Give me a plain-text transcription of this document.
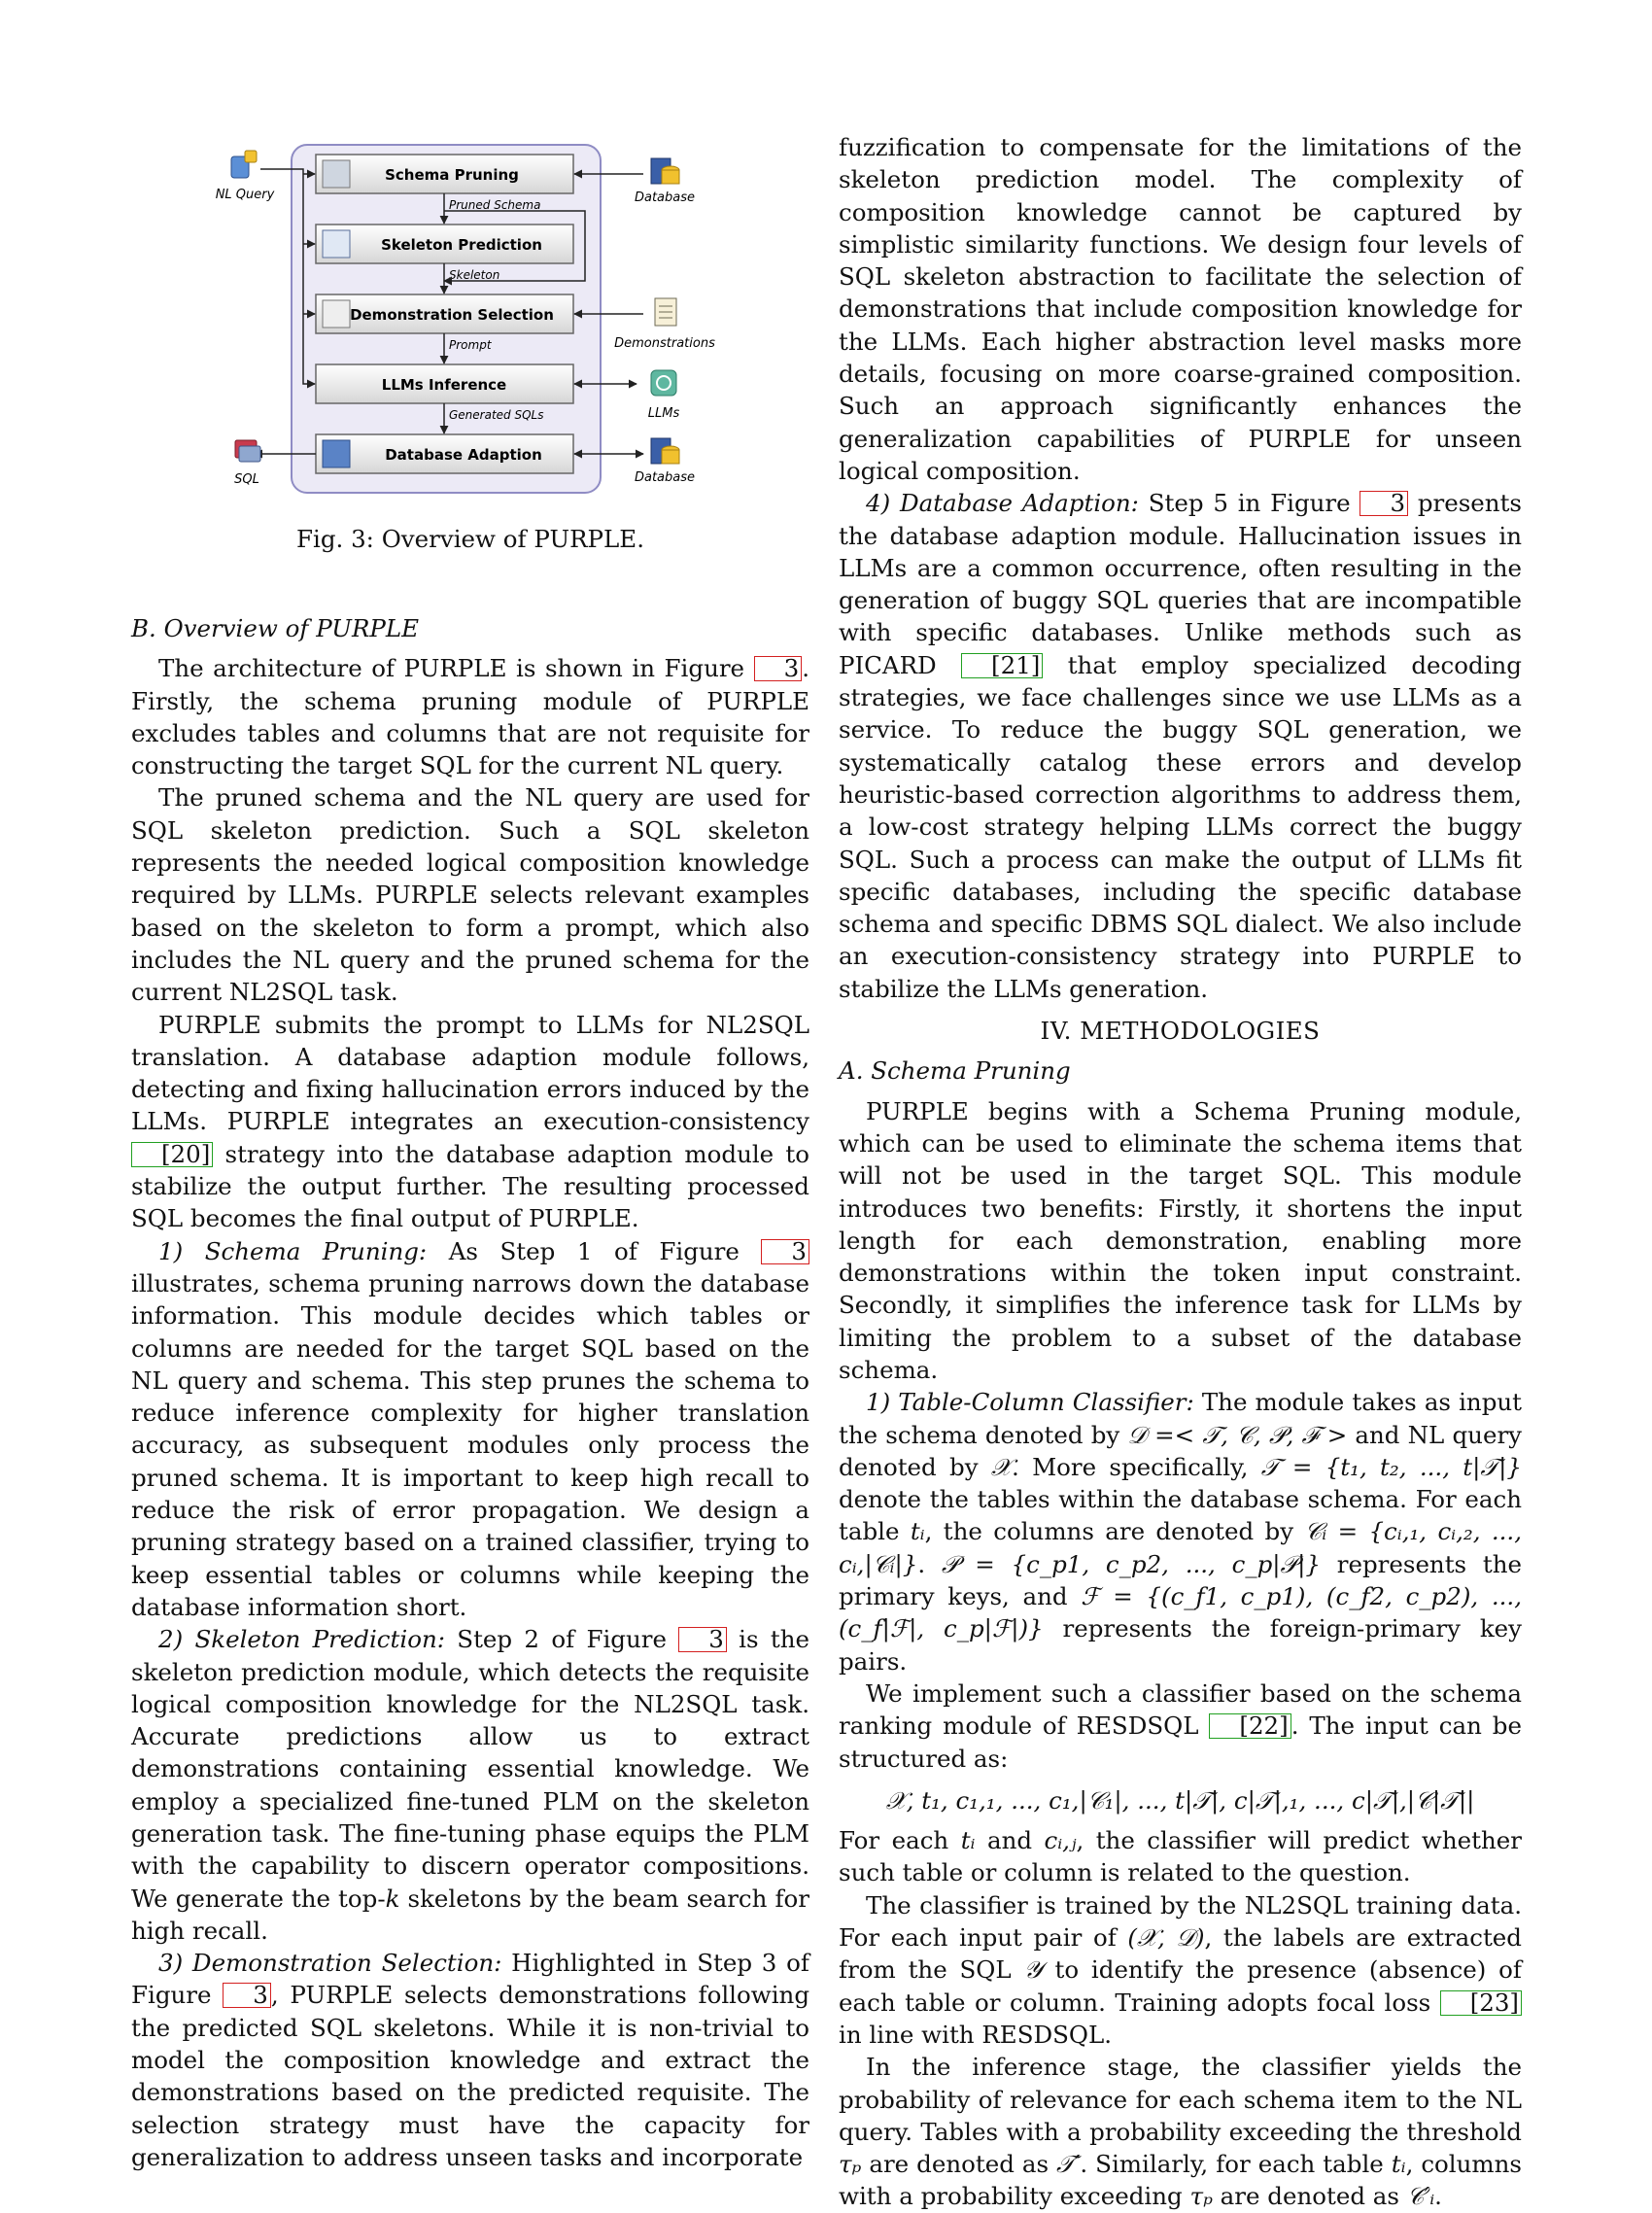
Schema Pruning
Skeleton Prediction
Demonstration Selection
LLMs Inference
Database Adaption
Pruned Schema
Skeleton
Prompt
Generated SQLs
NL Query	Database
Demonstrations
LLMs
Database
SQL
Fig. 3: Overview of PURPLE.

B. Overview of PURPLE

The architecture of PURPLE is shown in Figure 3 . Firstly, the schema pruning module of PURPLE excludes tables and columns that are not requisite for constructing the target SQL for the current NL query.

The pruned schema and the NL query are used for SQL skeleton prediction. Such a SQL skeleton represents the needed logical composition knowledge required by LLMs. PURPLE selects relevant examples based on the skeleton to form a prompt, which also includes the NL query and the pruned schema for the current NL2SQL task.

PURPLE submits the prompt to LLMs for NL2SQL translation. A database adaption module follows, detecting and fixing hallucination errors induced by the LLMs. PURPLE integrates an execution-consistency [20] strategy into the database adaption module to stabilize the output further. The resulting processed SQL becomes the final output of PURPLE.

1) Schema Pruning: As Step 1 of Figure 3 illustrates, schema pruning narrows down the database information. This module decides which tables or columns are needed for the target SQL based on the NL query and schema. This step prunes the schema to reduce inference complexity for higher translation accuracy, as subsequent modules only process the pruned schema. It is important to keep high recall to reduce the risk of error propagation. We design a pruning strategy based on a trained classifier, trying to keep essential tables or columns while keeping the database information short.

2) Skeleton Prediction: Step 2 of Figure 3 is the skeleton prediction module, which detects the requisite logical composition knowledge for the NL2SQL task. Accurate predictions allow us to extract demonstrations containing essential knowledge. We employ a specialized fine-tuned PLM on the skeleton generation task. The fine-tuning phase equips the PLM with the capability to discern operator compositions. We generate the top-k skeletons by the beam search for high recall.

3) Demonstration Selection: Highlighted in Step 3 of Figure 3 , PURPLE selects demonstrations following the predicted SQL skeletons. While it is non-trivial to model the composition knowledge and extract the demonstrations based on the predicted requisite. The selection strategy must have the capacity for generalization to address unseen tasks and incorporate

fuzzification to compensate for the limitations of the skeleton prediction model. The complexity of composition knowledge cannot be captured by simplistic similarity functions. We design four levels of SQL skeleton abstraction to facilitate the selection of demonstrations that include composition knowledge for the LLMs. Each higher abstraction level masks more details, focusing on more coarse-grained composition. Such an approach significantly enhances the generalization capabilities of PURPLE for unseen logical composition.

4) Database Adaption: Step 5 in Figure 3 presents the database adaption module. Hallucination issues in LLMs are a common occurrence, often resulting in the generation of buggy SQL queries that are incompatible with specific databases. Unlike methods such as PICARD [21] that employ specialized decoding strategies, we face challenges since we use LLMs as a service. To reduce the buggy SQL generation, we systematically catalog these errors and develop heuristic-based correction algorithms to address them, a low-cost strategy helping LLMs correct the buggy SQL. Such a process can make the output of LLMs fit specific databases, including the specific database schema and specific DBMS SQL dialect. We also include an execution-consistency strategy into PURPLE to stabilize the LLMs generation.

IV. METHODOLOGIES

A. Schema Pruning

PURPLE begins with a Schema Pruning module, which can be used to eliminate the schema items that will not be used in the target SQL. This module introduces two benefits: Firstly, it shortens the input length for each demonstration, enabling more demonstrations within the token input constraint. Secondly, it simplifies the inference task for LLMs by limiting the problem to a subset of the database schema.

1) Table-Column Classifier: The module takes as input the schema denoted by 𝒟 =< 𝒯, 𝒞, 𝒫, ℱ > and NL query denoted by 𝒳. More specifically, 𝒯 = {t₁, t₂, ..., t|𝒯|} denote the tables within the database schema. For each table tᵢ, the columns are denoted by 𝒞ᵢ = {cᵢ,₁, cᵢ,₂, ..., cᵢ,|𝒞ᵢ|}. 𝒫 = {c_p1, c_p2, ..., c_p|𝒫|} represents the primary keys, and ℱ = {(c_f1, c_p1), (c_f2, c_p2), ..., (c_f|ℱ|, c_p|ℱ|)} represents the foreign-primary key pairs.

We implement such a classifier based on the schema ranking module of RESDSQL [22] . The input can be structured as:

𝒳, t₁, c₁,₁, ..., c₁,|𝒞₁|, ..., t|𝒯|, c|𝒯|,₁, ..., c|𝒯|,|𝒞|𝒯||

For each tᵢ and cᵢ,ⱼ, the classifier will predict whether such table or column is related to the question.

The classifier is trained by the NL2SQL training data. For each input pair of (𝒳, 𝒟), the labels are extracted from the SQL 𝒴 to identify the presence (absence) of each table or column. Training adopts focal loss [23] in line with RESDSQL.

In the inference stage, the classifier yields the probability of relevance for each schema item to the NL query. Tables with a probability exceeding the threshold τₚ are denoted as 𝒯′. Similarly, for each table tᵢ, columns with a probability exceeding τₚ are denoted as 𝒞′ᵢ.
